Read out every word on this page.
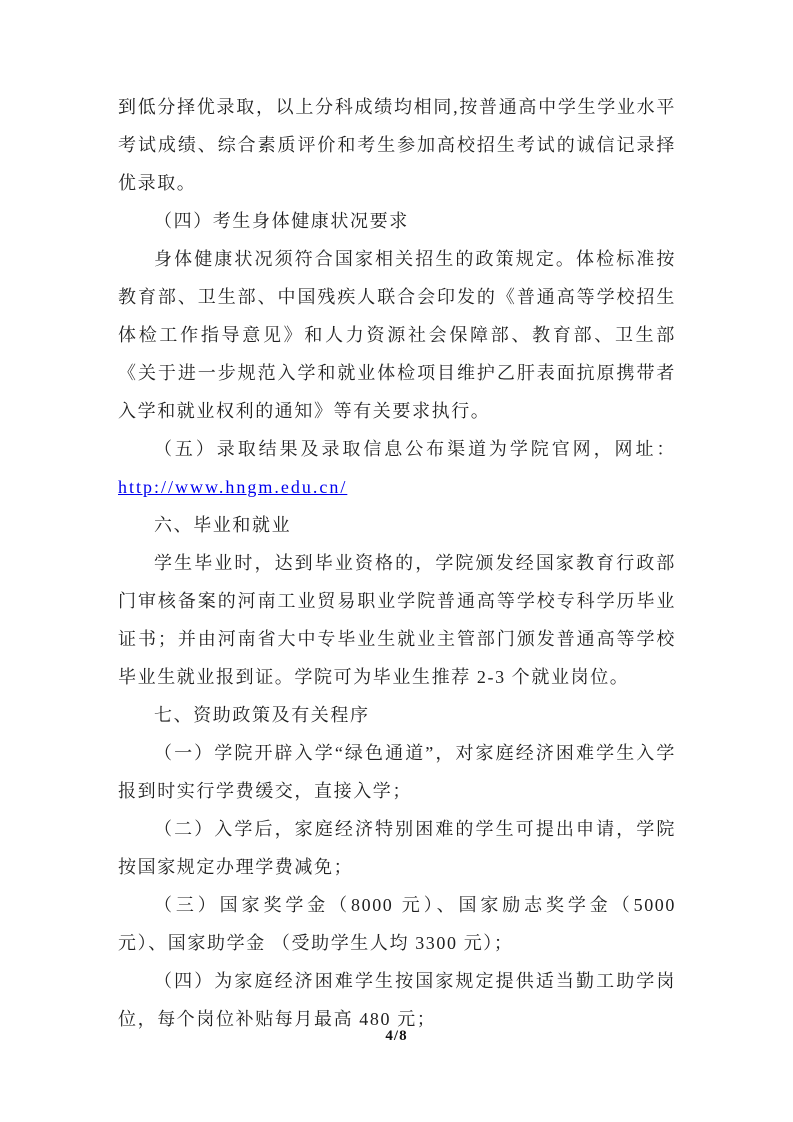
到低分择优录取，以上分科成绩均相同,按普通高中学生学业水平考试成绩、综合素质评价和考生参加高校招生考试的诚信记录择优录取。

（四）考生身体健康状况要求

身体健康状况须符合国家相关招生的政策规定。体检标准按教育部、卫生部、中国残疾人联合会印发的《普通高等学校招生体检工作指导意见》和人力资源社会保障部、教育部、卫生部《关于进一步规范入学和就业体检项目维护乙肝表面抗原携带者入学和就业权利的通知》等有关要求执行。

（五）录取结果及录取信息公布渠道为学院官网，网址：

http://www.hngm.edu.cn/

六、毕业和就业

学生毕业时，达到毕业资格的，学院颁发经国家教育行政部门审核备案的河南工业贸易职业学院普通高等学校专科学历毕业证书；并由河南省大中专毕业生就业主管部门颁发普通高等学校毕业生就业报到证。学院可为毕业生推荐 2-3 个就业岗位。

七、资助政策及有关程序

（一）学院开辟入学“绿色通道”，对家庭经济困难学生入学报到时实行学费缓交，直接入学；

（二）入学后，家庭经济特别困难的学生可提出申请，学院按国家规定办理学费减免；

（三）国家奖学金（8000 元）、国家励志奖学金（5000 元）、国家助学金 （受助学生人均 3300 元）；

（四）为家庭经济困难学生按国家规定提供适当勤工助学岗位，每个岗位补贴每月最高 480 元；

4/8
